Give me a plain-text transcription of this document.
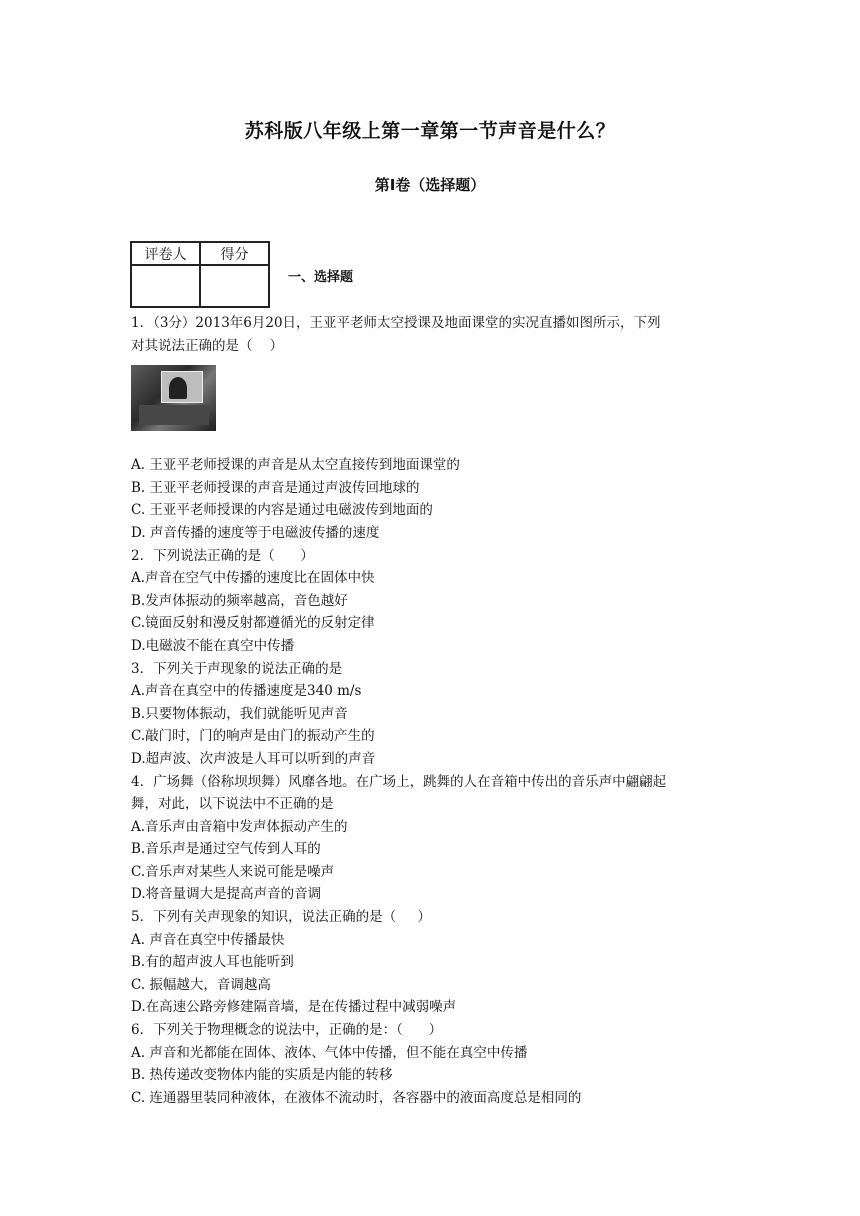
苏科版八年级上第一章第一节声音是什么？
第Ⅰ卷（选择题）
评卷人	得分

一、选择题

1．（3分）2013年6月20日，王亚平老师太空授课及地面课堂的实况直播如图所示，下列

对其说法正确的是（    ）

A. 王亚平老师授课的声音是从太空直接传到地面课堂的

B. 王亚平老师授课的声音是通过声波传回地球的

C. 王亚平老师授课的内容是通过电磁波传到地面的

D. 声音传播的速度等于电磁波传播的速度

2．下列说法正确的是（      ）

A.声音在空气中传播的速度比在固体中快

B.发声体振动的频率越高，音色越好

C.镜面反射和漫反射都遵循光的反射定律

D.电磁波不能在真空中传播

3．下列关于声现象的说法正确的是

A.声音在真空中的传播速度是340 m/s

B.只要物体振动，我们就能听见声音

C.敲门时，门的响声是由门的振动产生的

D.超声波、次声波是人耳可以听到的声音

4．广场舞（俗称坝坝舞）风靡各地。在广场上，跳舞的人在音箱中传出的音乐声中翩翩起

舞，对此，以下说法中不正确的是

A.音乐声由音箱中发声体振动产生的

B.音乐声是通过空气传到人耳的

C.音乐声对某些人来说可能是噪声

D.将音量调大是提高声音的音调

5．下列有关声现象的知识，说法正确的是（     ）

A. 声音在真空中传播最快

B.有的超声波人耳也能听到

C. 振幅越大，音调越高

D.在高速公路旁修建隔音墙，是在传播过程中减弱噪声

6．下列关于物理概念的说法中，正确的是：（      ）

A. 声音和光都能在固体、液体、气体中传播，但不能在真空中传播

B. 热传递改变物体内能的实质是内能的转移

C. 连通器里装同种液体，在液体不流动时，各容器中的液面高度总是相同的
